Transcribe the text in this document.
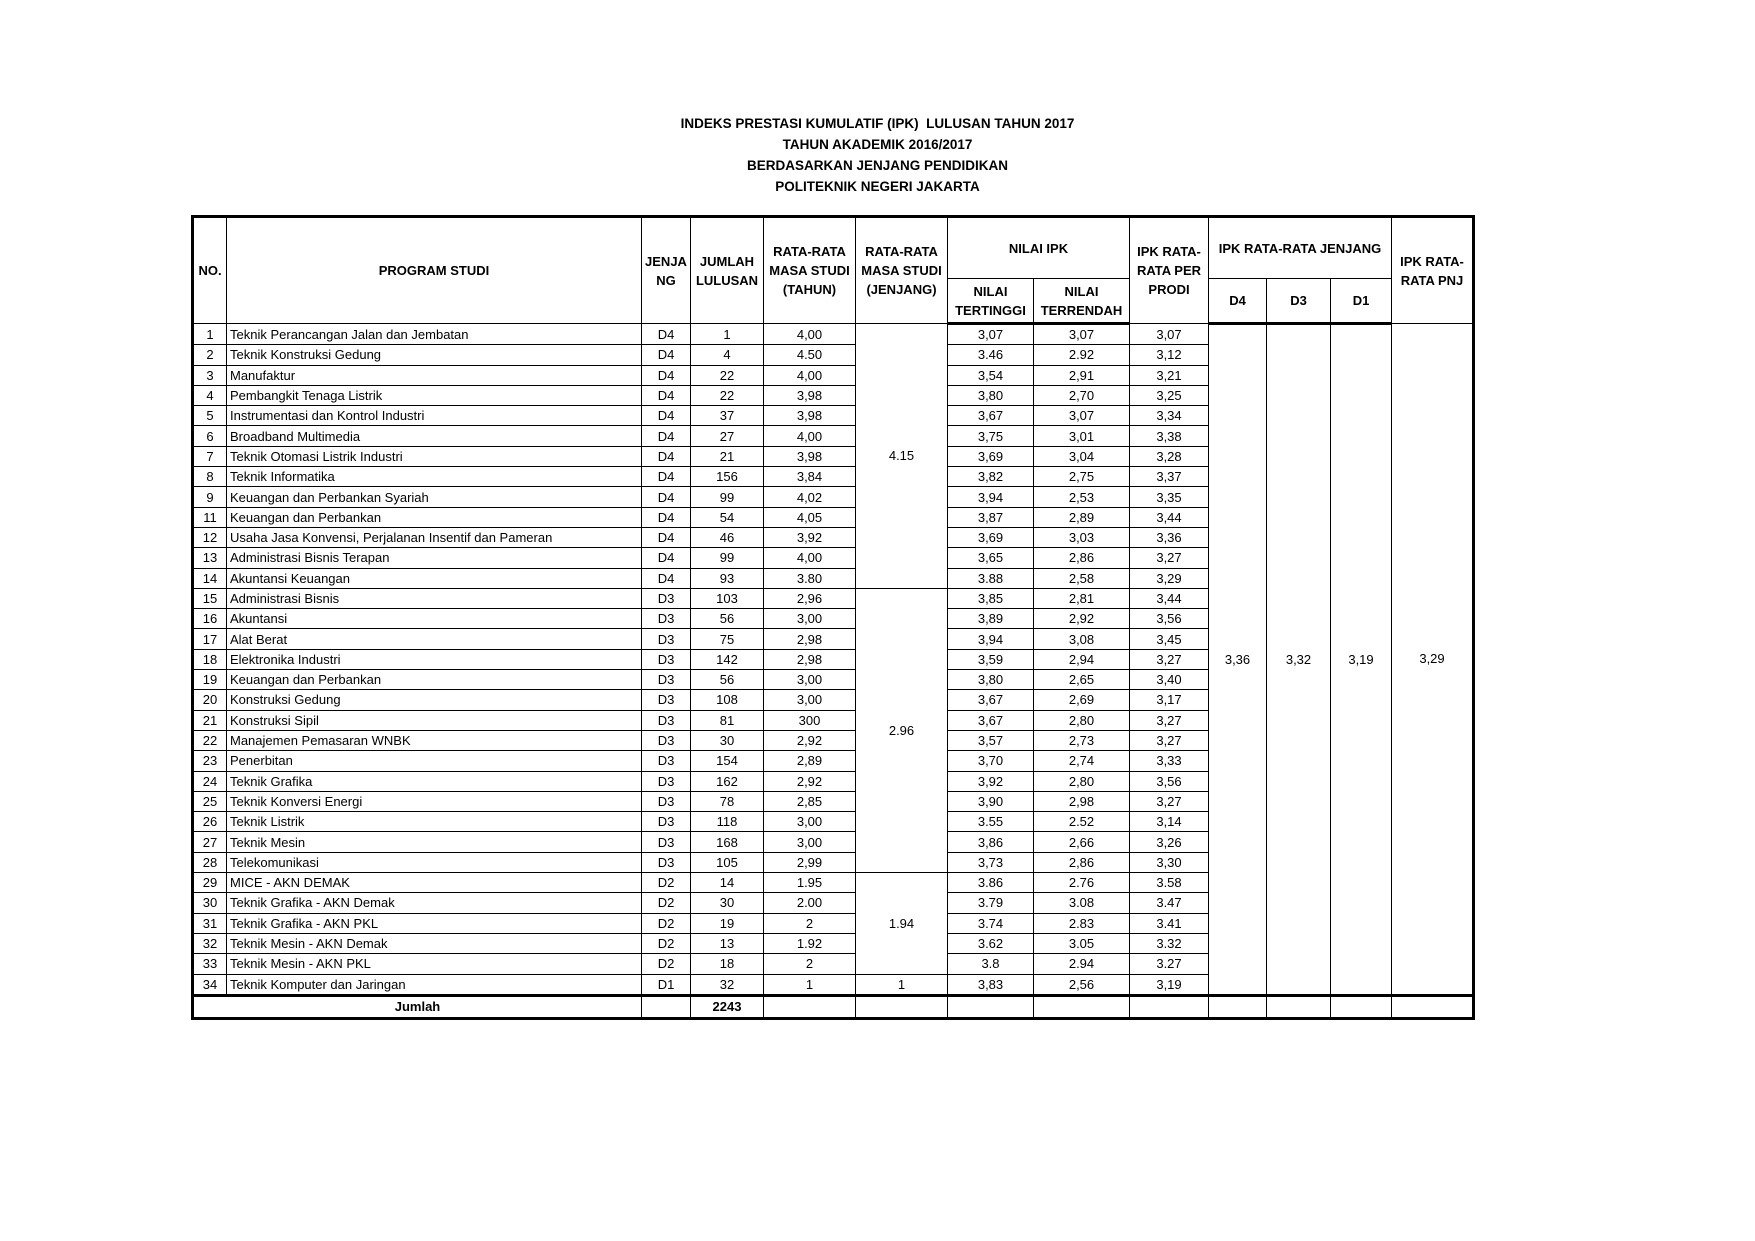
INDEKS PRESTASI KUMULATIF (IPK)  LULUSAN TAHUN 2017
TAHUN AKADEMIK 2016/2017
BERDASARKAN JENJANG PENDIDIKAN
POLITEKNIK NEGERI JAKARTA
NO.	PROGRAM STUDI	JENJA NG	JUMLAH LULUSAN	RATA-RATA MASA STUDI (TAHUN)	RATA-RATA MASA STUDI (JENJANG)	NILAI IPK		IPK RATA-RATA PER PRODI	IPK RATA-RATA JENJANG			IPK RATA-RATA PNJ
						NILAI TERTINGGI	NILAI TERRENDAH		D4	D3	D1	
1	Teknik Perancangan Jalan dan Jembatan	D4	1	4,00	4.15	3,07	3,07	3,07	3,36	3,32	3,19	3,29
2	Teknik Konstruksi Gedung	D4	4	4.50		3.46	2.92	3,12				
3	Manufaktur	D4	22	4,00		3,54	2,91	3,21				
4	Pembangkit Tenaga Listrik	D4	22	3,98		3,80	2,70	3,25				
5	Instrumentasi dan Kontrol Industri	D4	37	3,98		3,67	3,07	3,34				
6	Broadband Multimedia	D4	27	4,00		3,75	3,01	3,38				
7	Teknik Otomasi Listrik Industri	D4	21	3,98		3,69	3,04	3,28				
8	Teknik Informatika	D4	156	3,84		3,82	2,75	3,37				
9	Keuangan dan Perbankan Syariah	D4	99	4,02		3,94	2,53	3,35				
11	Keuangan dan Perbankan	D4	54	4,05		3,87	2,89	3,44				
12	Usaha Jasa Konvensi, Perjalanan Insentif dan Pameran	D4	46	3,92		3,69	3,03	3,36				
13	Administrasi Bisnis Terapan	D4	99	4,00		3,65	2,86	3,27				
14	Akuntansi Keuangan	D4	93	3.80		3.88	2,58	3,29				
15	Administrasi Bisnis	D3	103	2,96	2.96	3,85	2,81	3,44				
16	Akuntansi	D3	56	3,00		3,89	2,92	3,56				
17	Alat Berat	D3	75	2,98		3,94	3,08	3,45				
18	Elektronika Industri	D3	142	2,98		3,59	2,94	3,27				
19	Keuangan dan Perbankan	D3	56	3,00		3,80	2,65	3,40				
20	Konstruksi Gedung	D3	108	3,00		3,67	2,69	3,17				
21	Konstruksi Sipil	D3	81	300		3,67	2,80	3,27				
22	Manajemen Pemasaran WNBK	D3	30	2,92		3,57	2,73	3,27				
23	Penerbitan	D3	154	2,89		3,70	2,74	3,33				
24	Teknik Grafika	D3	162	2,92		3,92	2,80	3,56				
25	Teknik Konversi Energi	D3	78	2,85		3,90	2,98	3,27				
26	Teknik Listrik	D3	118	3,00		3.55	2.52	3,14				
27	Teknik Mesin	D3	168	3,00		3,86	2,66	3,26				
28	Telekomunikasi	D3	105	2,99		3,73	2,86	3,30				
29	MICE - AKN DEMAK	D2	14	1.95	1.94	3.86	2.76	3.58				
30	Teknik Grafika - AKN Demak	D2	30	2.00		3.79	3.08	3.47				
31	Teknik Grafika - AKN PKL	D2	19	2		3.74	2.83	3.41				
32	Teknik Mesin - AKN Demak	D2	13	1.92		3.62	3.05	3.32				
33	Teknik Mesin - AKN PKL	D2	18	2		3.8	2.94	3.27				
34	Teknik Komputer dan Jaringan	D1	32	1	1	3,83	2,56	3,19				
Jumlah			2243									
